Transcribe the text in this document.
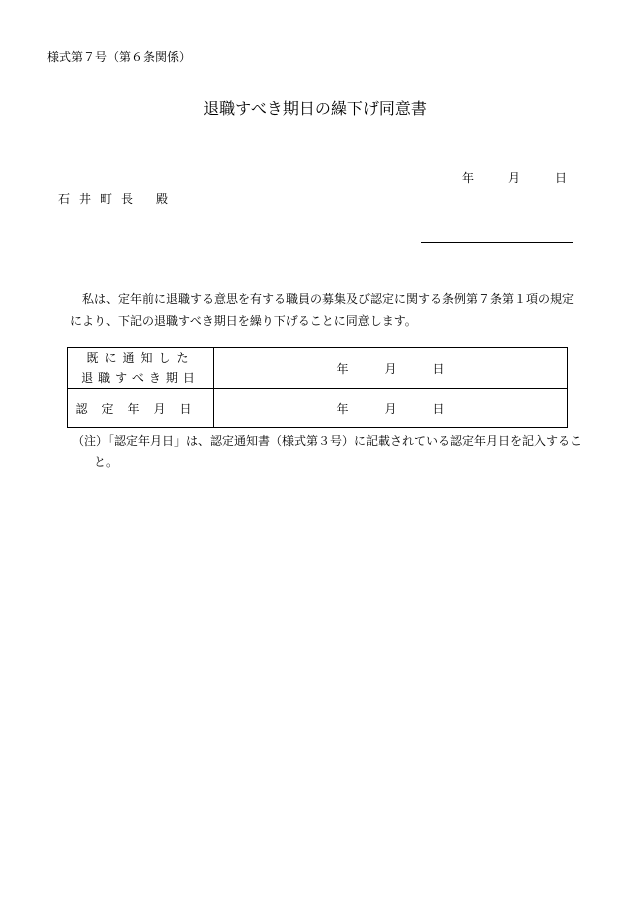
様式第７号（第６条関係）
退職すべき期日の繰下げ同意書
年	月	日
石井町長 殿
私は、定年前に退職する意思を有する職員の募集及び認定に関する条例第７条第１項の規定
により、下記の退職すべき期日を繰り下げることに同意します。
既に通知した
退職すべき期日	年 月 日
認定年月日	年 月 日
（注）「認定年月日」は、認定通知書（様式第３号）に記載されている認定年月日を記入するこ
と。
